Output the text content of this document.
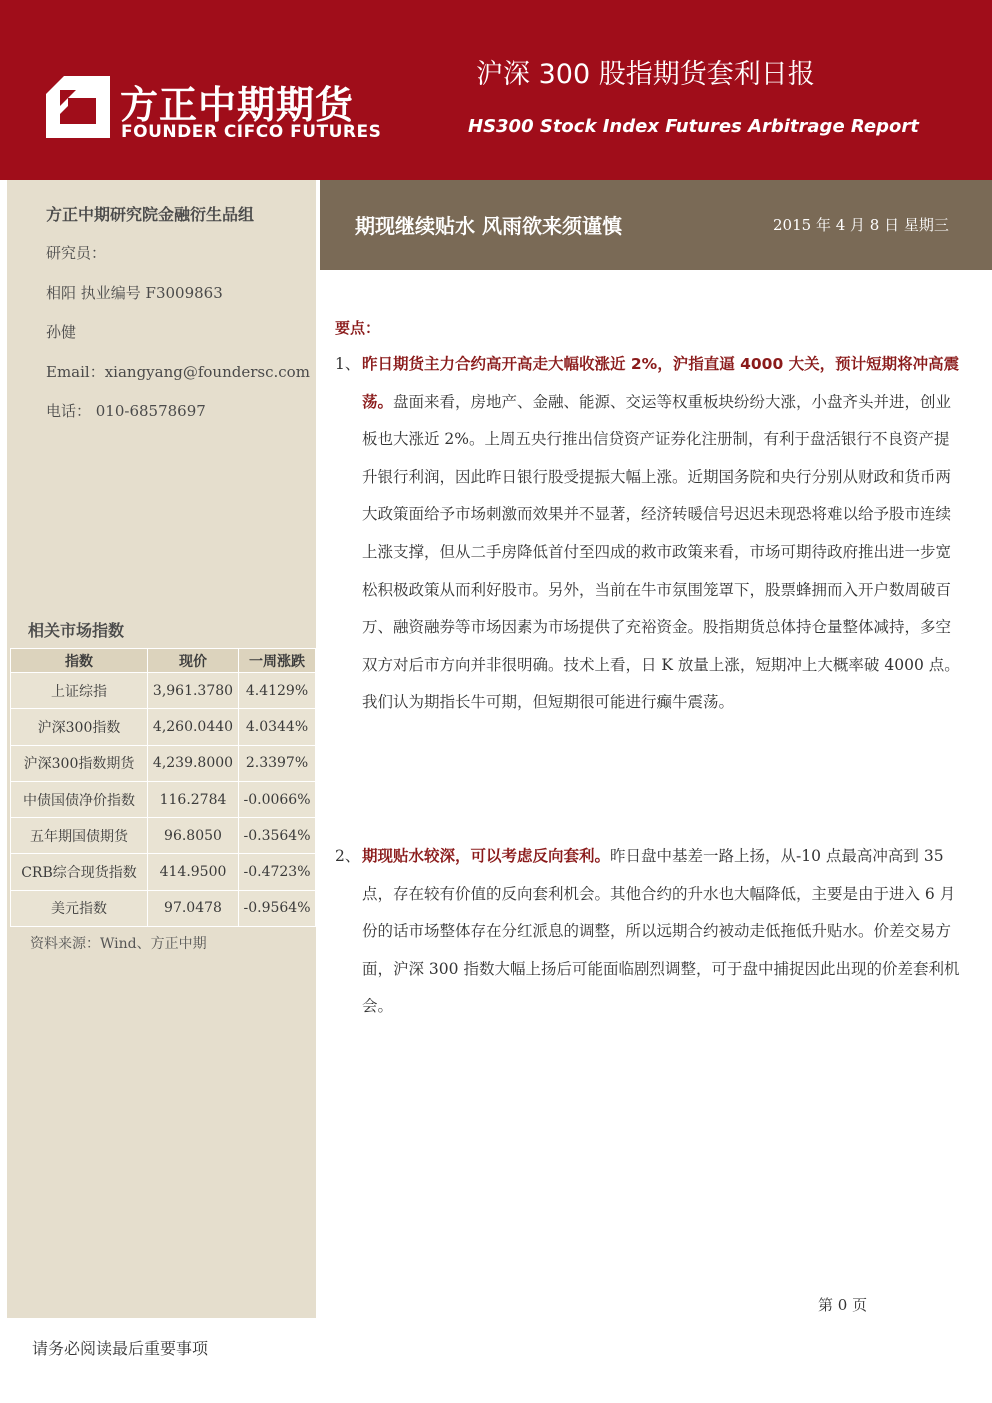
方正中期期货
FOUNDER CIFCO FUTURES
沪深 300 股指期货套利日报
HS300 Stock Index Futures Arbitrage Report
方正中期研究院金融衍生品组
研究员：
相阳 执业编号 F3009863
孙健
Email：xiangyang@foundersc.com
电话： 010-68578697
相关市场指数
指数	现价	一周涨跌
上证综指	3,961.3780	4.4129%
沪深300指数	4,260.0440	4.0344%
沪深300指数期货	4,239.8000	2.3397%
中债国债净价指数	116.2784	-0.0066%
五年期国债期货	96.8050	-0.3564%
CRB综合现货指数	414.9500	-0.4723%
美元指数	97.0478	-0.9564%
资料来源：Wind、方正中期
期现继续贴水 风雨欲来须谨慎	2015 年 4 月 8 日 星期三
要点：
1、 昨日期货主力合约高开高走大幅收涨近 2%，沪指直逼 4000 大关，预计短期将冲高震荡。盘面来看，房地产、金融、能源、交运等权重板块纷纷大涨，小盘齐头并进，创业板也大涨近 2%。上周五央行推出信贷资产证券化注册制，有利于盘活银行不良资产提升银行利润，因此昨日银行股受提振大幅上涨。近期国务院和央行分别从财政和货币两大政策面给予市场刺激而效果并不显著，经济转暖信号迟迟未现恐将难以给予股市连续上涨支撑，但从二手房降低首付至四成的救市政策来看，市场可期待政府推出进一步宽松积极政策从而利好股市。另外，当前在牛市氛围笼罩下，股票蜂拥而入开户数周破百万、融资融券等市场因素为市场提供了充裕资金。股指期货总体持仓量整体减持，多空双方对后市方向并非很明确。技术上看，日 K 放量上涨，短期冲上大概率破 4000 点。我们认为期指长牛可期，但短期很可能进行癫牛震荡。
2、 期现贴水较深，可以考虑反向套利。昨日盘中基差一路上扬，从-10 点最高冲高到 35 点，存在较有价值的反向套利机会。其他合约的升水也大幅降低，主要是由于进入 6 月份的话市场整体存在分红派息的调整，所以远期合约被动走低拖低升贴水。价差交易方面，沪深 300 指数大幅上扬后可能面临剧烈调整，可于盘中捕捉因此出现的价差套利机会。
第 0 页
请务必阅读最后重要事项
